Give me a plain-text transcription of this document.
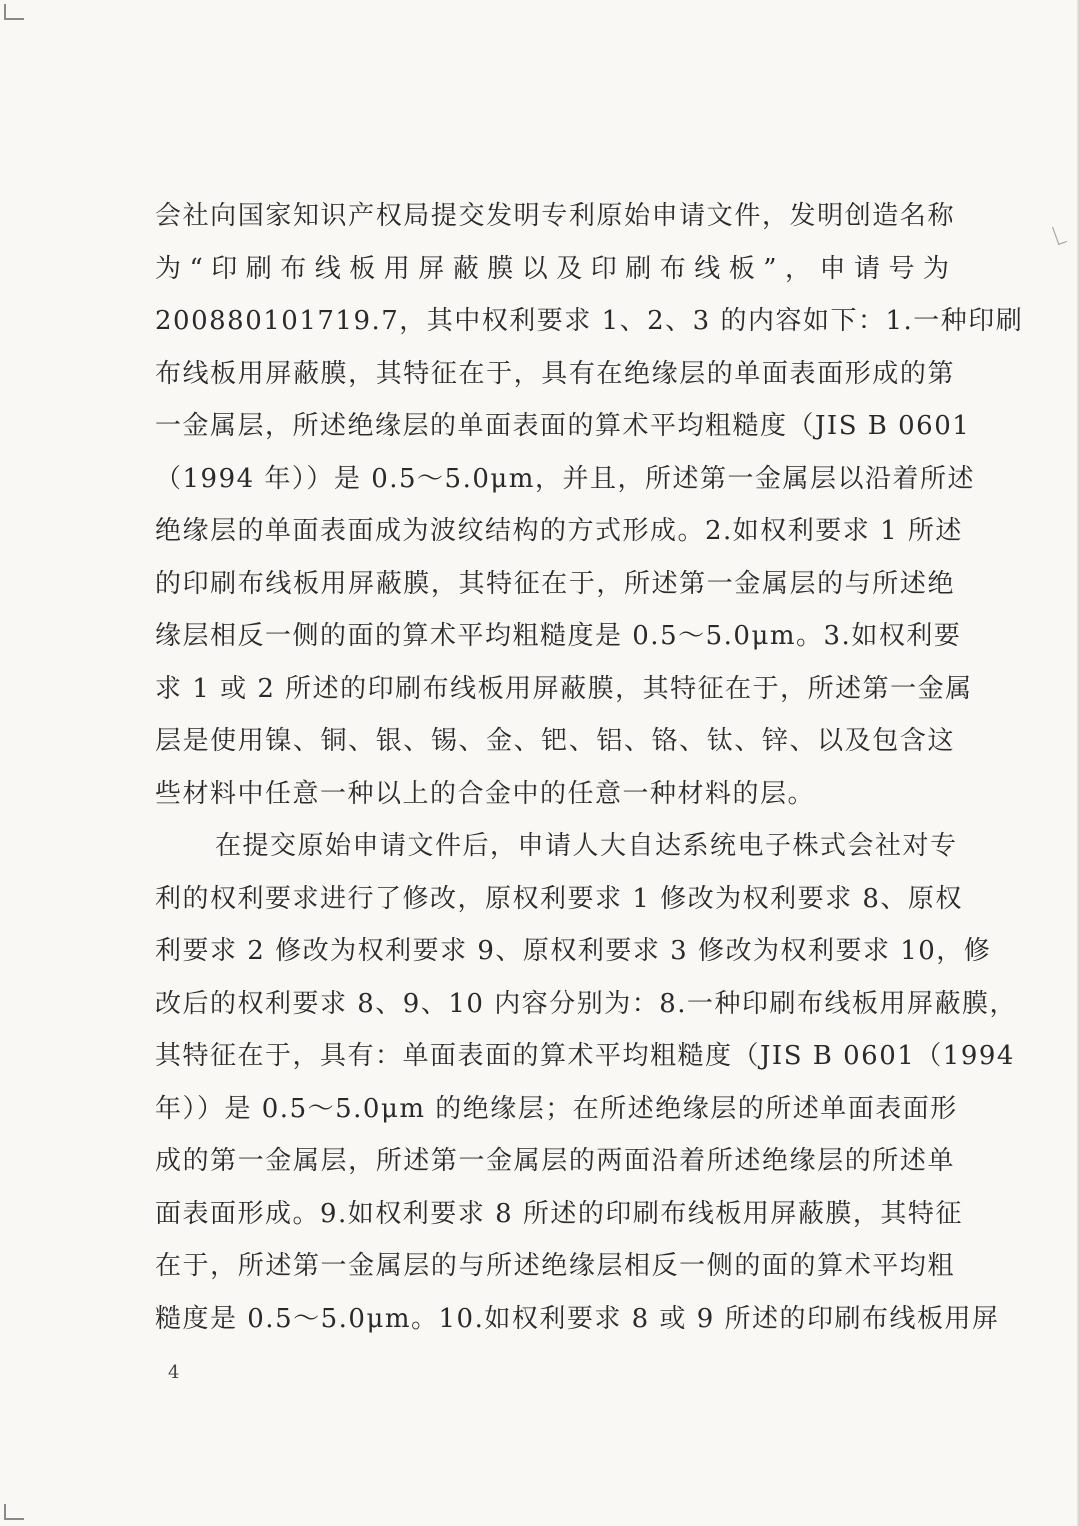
会社向国家知识产权局提交发明专利原始申请文件，发明创造名称
为“印刷布线板用屏蔽膜以及印刷布线板”，申请号为
200880101719.7，其中权利要求 1、2、3 的内容如下：1.一种印刷
布线板用屏蔽膜，其特征在于，具有在绝缘层的单面表面形成的第
一金属层，所述绝缘层的单面表面的算术平均粗糙度（JIS B 0601
（1994 年））是 0.5～5.0μm，并且，所述第一金属层以沿着所述
绝缘层的单面表面成为波纹结构的方式形成。2.如权利要求 1 所述
的印刷布线板用屏蔽膜，其特征在于，所述第一金属层的与所述绝
缘层相反一侧的面的算术平均粗糙度是 0.5～5.0μm。3.如权利要
求 1 或 2 所述的印刷布线板用屏蔽膜，其特征在于，所述第一金属
层是使用镍、铜、银、锡、金、钯、铝、铬、钛、锌、以及包含这
些材料中任意一种以上的合金中的任意一种材料的层。
在提交原始申请文件后，申请人大自达系统电子株式会社对专
利的权利要求进行了修改，原权利要求 1 修改为权利要求 8、原权
利要求 2 修改为权利要求 9、原权利要求 3 修改为权利要求 10，修
改后的权利要求 8、9、10 内容分别为：8.一种印刷布线板用屏蔽膜，
其特征在于，具有：单面表面的算术平均粗糙度（JIS B 0601（1994
年））是 0.5～5.0μm 的绝缘层；在所述绝缘层的所述单面表面形
成的第一金属层，所述第一金属层的两面沿着所述绝缘层的所述单
面表面形成。9.如权利要求 8 所述的印刷布线板用屏蔽膜，其特征
在于，所述第一金属层的与所述绝缘层相反一侧的面的算术平均粗
糙度是 0.5～5.0μm。10.如权利要求 8 或 9 所述的印刷布线板用屏
4
